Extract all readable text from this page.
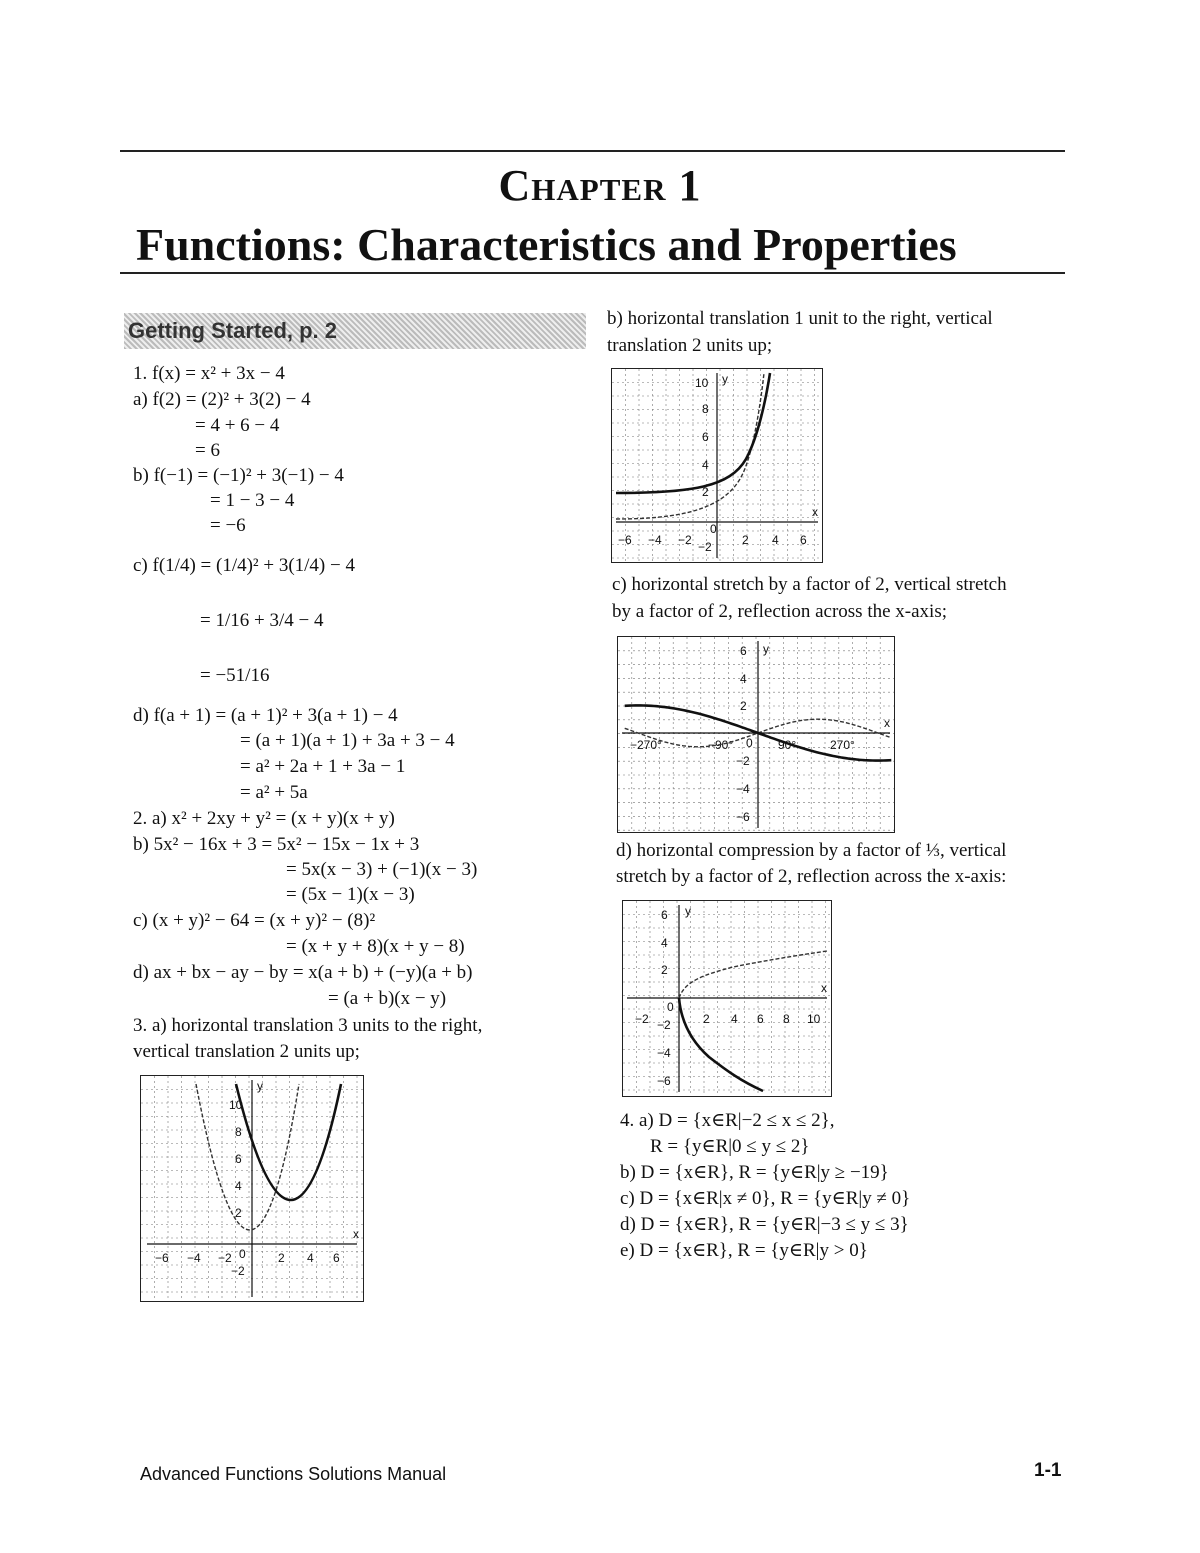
Chapter 1
Functions: Characteristics and Properties
Getting Started, p. 2
1. f(x) = x² + 3x − 4
a) f(2) = (2)² + 3(2) − 4
= 4 + 6 − 4
= 6
b) f(−1) = (−1)² + 3(−1) − 4
= 1 − 3 − 4
= −6
c) f(1/4) = (1/4)² + 3(1/4) − 4
= 1/16 + 3/4 − 4
= −51/16
d) f(a + 1) = (a + 1)² + 3(a + 1) − 4
= (a + 1)(a + 1) + 3a + 3 − 4
= a² + 2a + 1 + 3a − 1
= a² + 5a
2. a) x² + 2xy + y² = (x + y)(x + y)
b) 5x² − 16x + 3 = 5x² − 15x − 1x + 3
= 5x(x − 3) + (−1)(x − 3)
= (5x − 1)(x − 3)
c) (x + y)² − 64 = (x + y)² − (8)²
= (x + y + 8)(x + y − 8)
d) ax + bx − ay − by = x(a + b) + (−y)(a + b)
= (a + b)(x − y)
3. a) horizontal translation 3 units to the right,
vertical translation 2 units up;
b) horizontal translation 1 unit to the right, vertical
translation 2 units up;
c) horizontal stretch by a factor of 2, vertical stretch
by a factor of 2, reflection across the x-axis;
d) horizontal compression by a factor of ⅓, vertical
stretch by a factor of 2, reflection across the x-axis:
4. a) D = {x∈R|−2 ≤ x ≤ 2},
R = {y∈R|0 ≤ y ≤ 2}
b) D = {x∈R}, R = {y∈R|y ≥ −19}
c) D = {x∈R|x ≠ 0}, R = {y∈R|y ≠ 0}
d) D = {x∈R}, R = {y∈R|−3 ≤ y ≤ 3}
e) D = {x∈R}, R = {y∈R|y > 0}
x
y
0
−6 −4 −2	2 4 6
10
8
6
4
2
−2
x
y
0
−6 −4 −2	2 4 6
10
8
6
4
2
−2
x
y
0
−270°	−90°	90°	270°
6
4
2
−2
−4
−6
x
y
0
−2	2 4 6 8 10
6
4
2
−2
−4
−6
Advanced Functions Solutions Manual	1-1
